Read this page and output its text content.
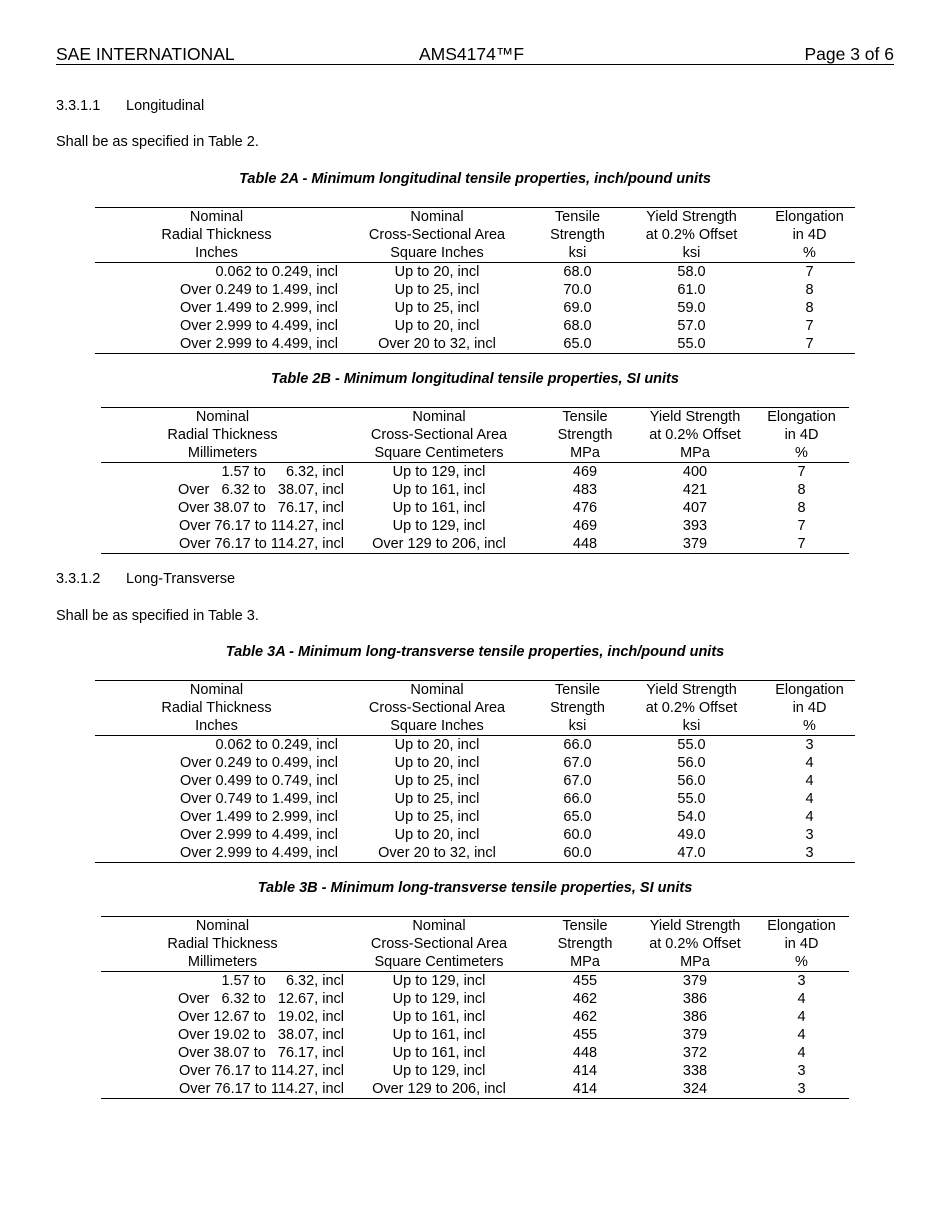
SAE INTERNATIONAL	AMS4174™F	Page 3 of 6
3.3.1.1 Longitudinal
Shall be as specified in Table 2.
Table 2A - Minimum longitudinal tensile properties, inch/pound units
Nominal	Nominal	Tensile	Yield Strength	Elongation
Radial Thickness	Cross-Sectional Area	Strength	at 0.2% Offset	in 4D
Inches	Square Inches	ksi	ksi	%
0.062 to 0.249, incl	Up to 20, incl	68.0	58.0	7
Over 0.249 to 1.499, incl	Up to 25, incl	70.0	61.0	8
Over 1.499 to 2.999, incl	Up to 25, incl	69.0	59.0	8
Over 2.999 to 4.499, incl	Up to 20, incl	68.0	57.0	7
Over 2.999 to 4.499, incl	Over 20 to 32, incl	65.0	55.0	7
Table 2B - Minimum longitudinal tensile properties, SI units
Nominal	Nominal	Tensile	Yield Strength	Elongation
Radial Thickness	Cross-Sectional Area	Strength	at 0.2% Offset	in 4D
Millimeters	Square Centimeters	MPa	MPa	%
1.57 to     6.32, incl	Up to 129, incl	469	400	7
Over   6.32 to   38.07, incl	Up to 161, incl	483	421	8
Over 38.07 to   76.17, incl	Up to 161, incl	476	407	8
Over 76.17 to 114.27, incl	Up to 129, incl	469	393	7
Over 76.17 to 114.27, incl	Over 129 to 206, incl	448	379	7
3.3.1.2 Long-Transverse
Shall be as specified in Table 3.
Table 3A - Minimum long-transverse tensile properties, inch/pound units
Nominal	Nominal	Tensile	Yield Strength	Elongation
Radial Thickness	Cross-Sectional Area	Strength	at 0.2% Offset	in 4D
Inches	Square Inches	ksi	ksi	%
0.062 to 0.249, incl	Up to 20, incl	66.0	55.0	3
Over 0.249 to 0.499, incl	Up to 20, incl	67.0	56.0	4
Over 0.499 to 0.749, incl	Up to 25, incl	67.0	56.0	4
Over 0.749 to 1.499, incl	Up to 25, incl	66.0	55.0	4
Over 1.499 to 2.999, incl	Up to 25, incl	65.0	54.0	4
Over 2.999 to 4.499, incl	Up to 20, incl	60.0	49.0	3
Over 2.999 to 4.499, incl	Over 20 to 32, incl	60.0	47.0	3
Table 3B - Minimum long-transverse tensile properties, SI units
Nominal	Nominal	Tensile	Yield Strength	Elongation
Radial Thickness	Cross-Sectional Area	Strength	at 0.2% Offset	in 4D
Millimeters	Square Centimeters	MPa	MPa	%
1.57 to     6.32, incl	Up to 129, incl	455	379	3
Over   6.32 to   12.67, incl	Up to 129, incl	462	386	4
Over 12.67 to   19.02, incl	Up to 161, incl	462	386	4
Over 19.02 to   38.07, incl	Up to 161, incl	455	379	4
Over 38.07 to   76.17, incl	Up to 161, incl	448	372	4
Over 76.17 to 114.27, incl	Up to 129, incl	414	338	3
Over 76.17 to 114.27, incl	Over 129 to 206, incl	414	324	3
